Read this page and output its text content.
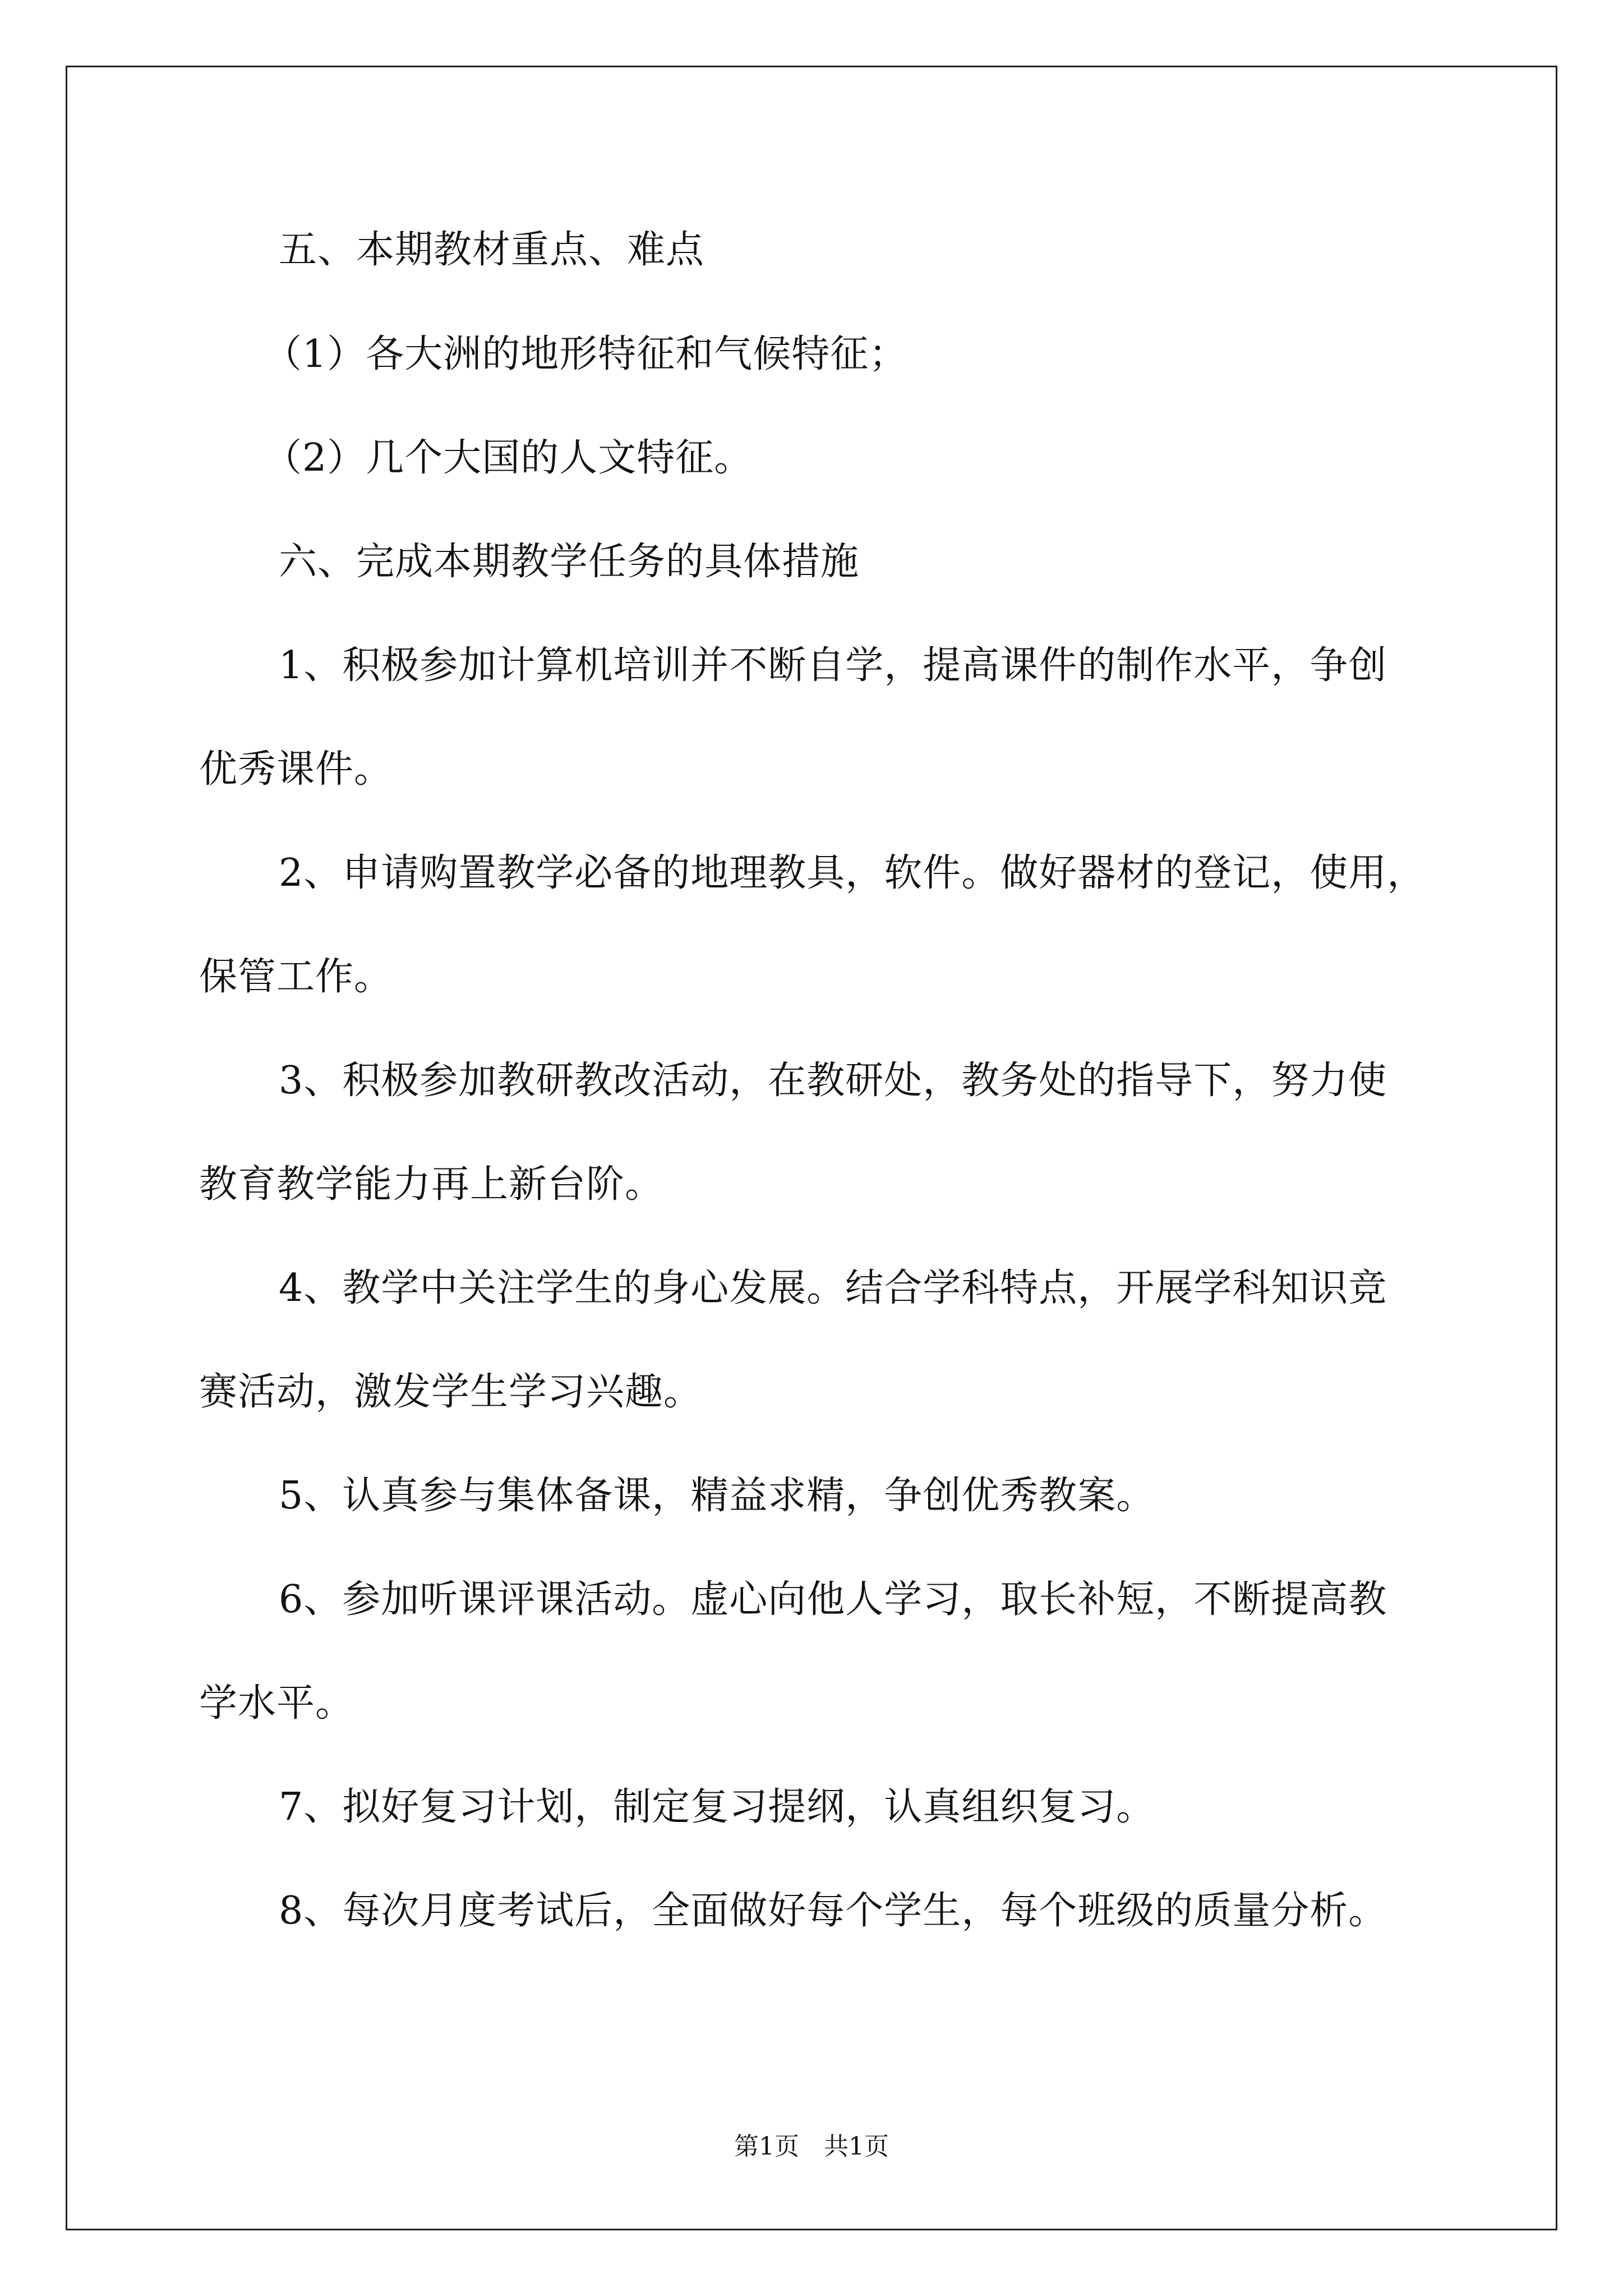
五、本期教材重点、难点

（1）各大洲的地形特征和气候特征；

（2）几个大国的人文特征。

六、完成本期教学任务的具体措施

1、积极参加计算机培训并不断自学，提高课件的制作水平，争创

优秀课件。

2、申请购置教学必备的地理教具，软件。做好器材的登记，使用，

保管工作。

3、积极参加教研教改活动，在教研处，教务处的指导下，努力使

教育教学能力再上新台阶。

4、教学中关注学生的身心发展。结合学科特点，开展学科知识竞

赛活动，激发学生学习兴趣。

5、认真参与集体备课，精益求精，争创优秀教案。

6、参加听课评课活动。虚心向他人学习，取长补短，不断提高教

学水平。

7、拟好复习计划，制定复习提纲，认真组织复习。

8、每次月度考试后，全面做好每个学生，每个班级的质量分析。

第1页　共1页
